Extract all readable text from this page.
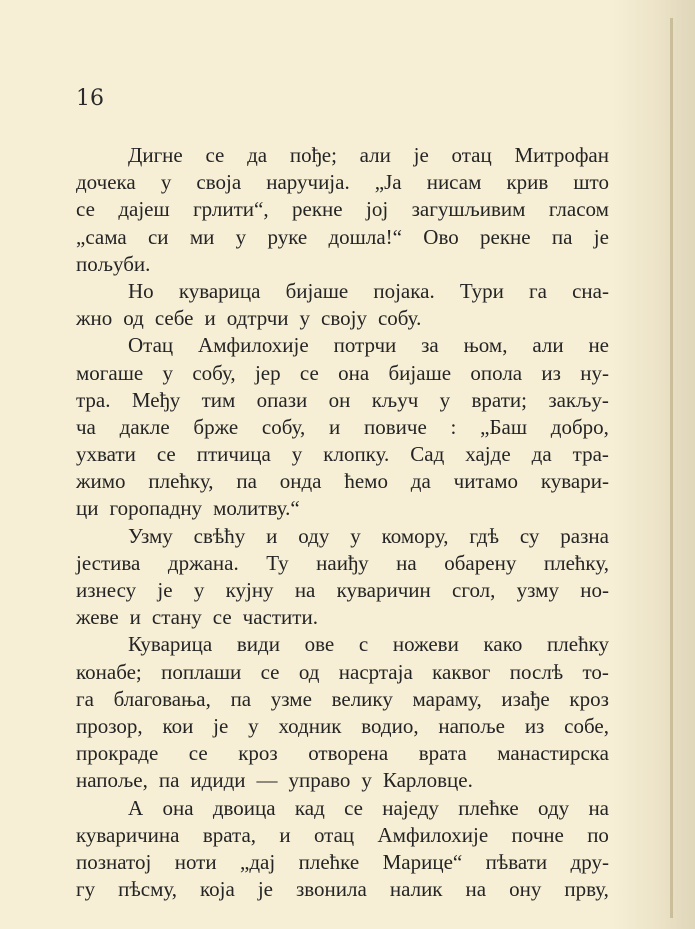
16
Дигне се да пође; али је отац Митрофан
дочека у своја наручија. „Ја нисам крив што
се дајеш грлити“, рекне јој загушљивим гласом
„сама си ми у руке дошла!“ Ово рекне па је
пољуби.
Но куварица бијаше појака. Тури га сна-
жно од себе и одтрчи у своју собу.
Отац Амфилохије потрчи за њом, али не
могаше у собу, јер се она бијаше опола из ну-
тра. Међу тим опази он кључ у врати; закљу-
ча дакле брже собу, и повиче : „Баш добро,
ухвати се птичица у клопку. Сад хајде да тра-
жимо плећку, па онда ћемо да читамо кувари-
ци горопадну молитву.“
Узму свѣћу и оду у комору, гдѣ су разна
јестива држана. Ту наиђу на обарену плећку,
изнесу је у кујну на куваричин сгол, узму но-
жеве и стану се частити.
Куварица види ове с ножеви како плећку
конабе; поплаши се од насртаја каквог послѣ то-
га благовања, па узме велику мараму, изађе кроз
прозор, кои је у ходник водио, напоље из собе,
прокраде се кроз отворена врата манастирска
напоље, па идиди — управо у Карловце.
А она двоица кад се наједу плећке оду на
куваричина врата, и отац Амфилохије почне по
познатој ноти „дај плећке Марице“ пѣвати дру-
гу пѣсму, која је звонила налик на ону прву,
